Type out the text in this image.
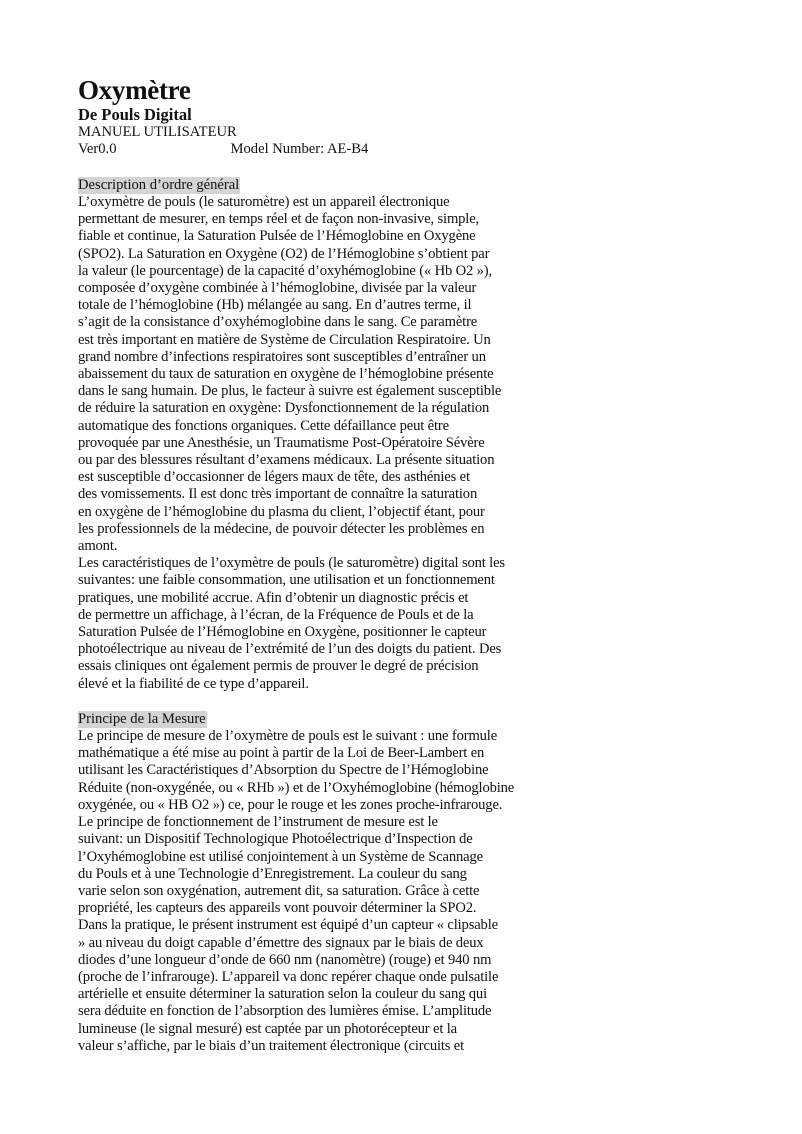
Oxymètre
De Pouls Digital
MANUEL UTILISATEUR
Ver0.0	Model Number: AE-B4
Description d’ordre général
L’oxymètre de pouls (le saturomètre) est un appareil électronique
permettant de mesurer, en temps réel et de façon non-invasive, simple,
fiable et continue, la Saturation Pulsée de l’Hémoglobine en Oxygène
(SPO2). La Saturation en Oxygène (O2) de l’Hémoglobine s’obtient par
la valeur (le pourcentage) de la capacité d’oxyhémoglobine (« Hb O2 »),
composée d’oxygène combinée à l’hémoglobine, divisée par la valeur
totale de l’hémoglobine (Hb) mélangée au sang. En d’autres terme, il
s’agit de la consistance d’oxyhémoglobine dans le sang. Ce paramètre
est très important en matière de Système de Circulation Respiratoire. Un
grand nombre d’infections respiratoires sont susceptibles d’entraîner un
abaissement du taux de saturation en oxygène de l’hémoglobine présente
dans le sang humain. De plus, le facteur à suivre est également susceptible
de réduire la saturation en oxygène: Dysfonctionnement de la régulation
automatique des fonctions organiques. Cette défaillance peut être
provoquée par une Anesthésie, un Traumatisme Post-Opératoire Sévère
ou par des blessures résultant d’examens médicaux. La présente situation
est susceptible d’occasionner de légers maux de tête, des asthénies et
des vomissements. Il est donc très important de connaître la saturation
en oxygène de l’hémoglobine du plasma du client, l’objectif étant, pour
les professionnels de la médecine, de pouvoir détecter les problèmes en
amont.
Les caractéristiques de l’oxymètre de pouls (le saturomètre) digital sont les
suivantes: une faible consommation, une utilisation et un fonctionnement
pratiques, une mobilité accrue. Afin d’obtenir un diagnostic précis et
de permettre un affichage, à l’écran, de la Fréquence de Pouls et de la
Saturation Pulsée de l’Hémoglobine en Oxygène, positionner le capteur
photoélectrique au niveau de l’extrémité de l’un des doigts du patient. Des
essais cliniques ont également permis de prouver le degré de précision
élevé et la fiabilité de ce type d’appareil.
Principe de la Mesure
Le principe de mesure de l’oxymètre de pouls est le suivant : une formule
mathématique a été mise au point à partir de la Loi de Beer-Lambert en
utilisant les Caractéristiques d’Absorption du Spectre de l’Hémoglobine
Réduite (non-oxygénée, ou « RHb ») et de l’Oxyhémoglobine (hémoglobine
oxygénée, ou « HB O2 ») ce, pour le rouge et les zones proche-infrarouge.
Le principe de fonctionnement de l’instrument de mesure est le
suivant: un Dispositif Technologique Photoélectrique d’Inspection de
l’Oxyhémoglobine est utilisé conjointement à un Système de Scannage
du Pouls et à une Technologie d’Enregistrement. La couleur du sang
varie selon son oxygénation, autrement dit, sa saturation. Grâce à cette
propriété, les capteurs des appareils vont pouvoir déterminer la SPO2.
Dans la pratique, le présent instrument est équipé d’un capteur « clipsable
» au niveau du doigt capable d’émettre des signaux par le biais de deux
diodes d’une longueur d’onde de 660 nm (nanomètre) (rouge) et 940 nm
(proche de l’infrarouge). L’appareil va donc repérer chaque onde pulsatile
artérielle et ensuite déterminer la saturation selon la couleur du sang qui
sera déduite en fonction de l’absorption des lumières émise. L’amplitude
lumineuse (le signal mesuré) est captée par un photorécepteur et la
valeur s’affiche, par le biais d’un traitement électronique (circuits et
